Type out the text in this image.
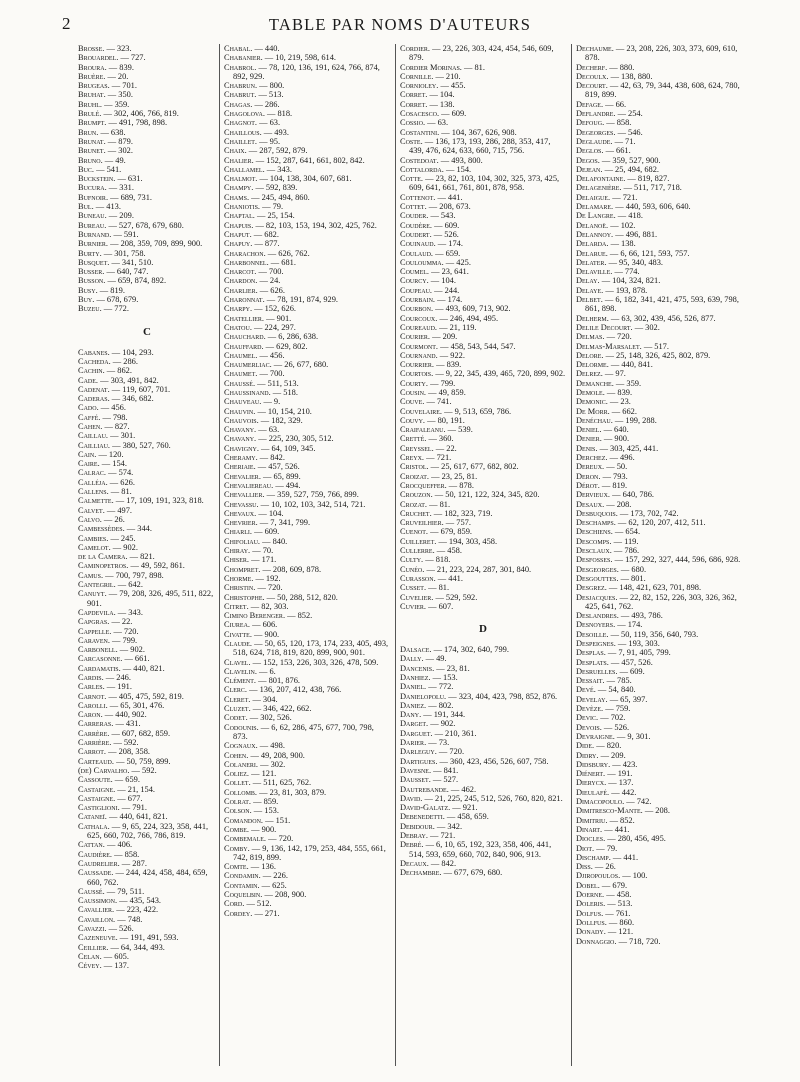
2	TABLE PAR NOMS D'AUTEURS
Brosse. — 323.
Brouardel. — 727.
Broura. — 839.
Bruère. — 20.
Brugeas. — 701.
Bruhat. — 350.
Bruhl. — 359.
Brulé. — 302, 406, 766, 819.
Brumpt. — 491, 798, 898.
Brun. — 638.
Brunat. — 879.
Brunet. — 302.
Bruno. — 49.
Buc. — 541.
Buckstein. — 631.
Bucura. — 331.
Bufnoir. — 689, 731.
Bul. — 413.
Buneau. — 209.
Bureau. — 527, 678, 679, 680.
Burnand. — 591.
Burnier. — 208, 359, 709, 899, 900.
Burty. — 301, 758.
Busquet. — 341, 510.
Busser. — 640, 747.
Busson. — 659, 874, 892.
Busy. — 819.
Buy. — 678, 679.
Buzeu. — 772.
C
Cabanes. — 104, 293.
Cacheda. — 286.
Cachin. — 862.
Cade. — 303, 491, 842.
Cadenat. — 119, 607, 701.
Caderas. — 346, 682.
Cado. — 456.
Caffé. — 798.
Cahen. — 827.
Caillau. — 301.
Cailliau. — 380, 527, 760.
Cain. — 120.
Caire. — 154.
Calrac. — 574.
Calléja. — 626.
Callens. — 81.
Calmette. — 17, 109, 191, 323, 818.
Calvet. — 497.
Calvo. — 26.
Cambessèdes. — 344.
Cambies. — 245.
Camelot. — 902.
de la Camera. — 821.
Caminopetros. — 49, 592, 861.
Camus. — 700, 797, 898.
Cantegril. — 642.
Canuyt. — 79, 208, 326, 495, 511, 822, 901.
Capdevila. — 343.
Capgras. — 22.
Cappelle. — 720.
Caraven. — 799.
Carbonell. — 902.
Carcasonne. — 661.
Cardamatis. — 440, 821.
Cardis. — 246.
Carles. — 191.
Carnot. — 405, 475, 592, 819.
Carolli. — 65, 301, 476.
Caron. — 440, 902.
Carreras. — 431.
Carrère. — 607, 682, 859.
Carrière. — 592.
Carrot. — 208, 358.
Carteaud. — 50, 759, 899.
(de) Carvalho. — 592.
Cassoute. — 659.
Castaigne. — 21, 154.
Castaigne. — 677.
Castiglioni. — 791.
Cataneï. — 440, 641, 821.
Cathala. — 9, 65, 224, 323, 358, 441, 625, 660, 702, 766, 786, 819.
Cattan. — 406.
Caudière. — 858.
Caudrelier. — 287.
Caussade. — 244, 424, 458, 484, 659, 660, 762.
Caussé. — 79, 511.
Caussimon. — 435, 543.
Cavallier. — 223, 422.
Cavaillon. — 748.
Cavazzi. — 526.
Cazeneuve. — 191, 491, 593.
Ceillier. — 64, 344, 493.
Celan. — 605.
Cévey. — 137.
Chabal. — 440.
Chabanier. — 10, 219, 598, 614.
Chabrol. — 78, 120, 136, 191, 624, 766, 874, 892, 929.
Chabrun. — 800.
Chabrut. — 513.
Chagas. — 286.
Chagolova. — 818.
Chagnot. — 63.
Chaillous. — 493.
Chaillet. — 95.
Chaix. — 287, 592, 879.
Chalier. — 152, 287, 641, 661, 802, 842.
Challamel. — 343.
Chalmot. — 104, 138, 304, 607, 681.
Champy. — 592, 839.
Chams. — 245, 494, 860.
Chaniotis. — 79.
Chaptal. — 25, 154.
Chapuis. — 82, 103, 153, 194, 302, 425, 762.
Chaput. — 682.
Chapuy. — 877.
Charachon. — 626, 762.
Charbonnel. — 681.
Charcot. — 700.
Chardon. — 24.
Charlier. — 626.
Charonnat. — 78, 191, 874, 929.
Charpy. — 152, 626.
Chatellier. — 901.
Chatou. — 224, 297.
Chauchard. — 6, 286, 638.
Chauffard. — 629, 802.
Chaumel. — 456.
Chaumerliac. — 26, 677, 680.
Chaumet. — 700.
Chaussé. — 511, 513.
Chaussinand. — 518.
Chauveau. — 9.
Chauvin. — 10, 154, 210.
Chauvois. — 182, 329.
Chavany. — 63.
Chavany. — 225, 230, 305, 512.
Chavigny. — 64, 109, 345.
Cheramy. — 842.
Cheriaie. — 457, 526.
Chevalier. — 65, 899.
Chevaliereau. — 494.
Chevallier. — 359, 527, 759, 766, 899.
Chevassu. — 10, 102, 103, 342, 514, 721.
Chevaux. — 104.
Chevrier. — 7, 341, 799.
Chiarli. — 609.
Chifoliau. — 840.
Chiray. — 70.
Chiser. — 171.
Chompret. — 208, 609, 878.
Chorme. — 192.
Christin. — 720.
Christophe. — 50, 288, 512, 820.
Citret. — 82, 303.
Cimino Berenger. — 852.
Ciurea. — 606.
Civatte. — 900.
Claude. — 50, 65, 120, 173, 174, 233, 405, 493, 518, 624, 718, 819, 820, 899, 900, 901.
Clavel. — 152, 153, 226, 303, 326, 478, 509.
Clavelin. — 6.
Clément. — 801, 876.
Clerc. — 136, 207, 412, 438, 766.
Cleret. — 304.
Cluzet. — 346, 422, 662.
Codet. — 302, 526.
Codounis. — 6, 62, 286, 475, 677, 700, 798, 873.
Cognaux. — 498.
Cohen. — 49, 208, 900.
Colaneri. — 302.
Coliez. — 121.
Collet. — 511, 625, 762.
Collomb. — 23, 81, 303, 879.
Colrat. — 859.
Colson. — 153.
Comandon. — 151.
Combe. — 900.
Combemale. — 720.
Comby. — 9, 136, 142, 179, 253, 484, 555, 661, 742, 819, 899.
Comte. — 136.
Condamin. — 226.
Contamin. — 625.
Coquelbin. — 208, 900.
Cord. — 512.
Cordey. — 271.
Cordier. — 23, 226, 303, 424, 454, 546, 609, 879.
Cordier Morinas. — 81.
Cornille. — 210.
Cornioley. — 455.
Corret. — 104.
Corret. — 138.
Cosacesco. — 609.
Cossio. — 63.
Costantini. — 104, 367, 626, 908.
Coste. — 136, 173, 193, 286, 288, 353, 417, 439, 476, 624, 633, 660, 715, 756.
Costedoat. — 493, 800.
Cottalorda. — 154.
Cotte. — 23, 82, 103, 104, 302, 325, 373, 425, 609, 641, 661, 761, 801, 878, 958.
Cottenot. — 441.
Cottet. — 208, 673.
Couder. — 543.
Coudère. — 609.
Coudert. — 526.
Couinaud. — 174.
Coulaud. — 659.
Couloumma. — 425.
Coumel. — 23, 641.
Courcy. — 104.
Coupeau. — 244.
Courbain. — 174.
Courbon. — 493, 609, 713, 902.
Courcoux. — 246, 494, 495.
Coureaud. — 21, 119.
Courier. — 209.
Courmont. — 458, 543, 544, 547.
Cournand. — 922.
Courrier. — 839.
Courtois. — 9, 22, 345, 439, 465, 720, 899, 902.
Courty. — 799.
Cousin. — 49, 859.
Couve. — 741.
Couvelaire. — 9, 513, 659, 786.
Couvy. — 80, 191.
Craifaleanu. — 539.
Cretté. — 360.
Creyssel. — 22.
Creyx. — 721.
Cristol. — 25, 617, 677, 682, 802.
Croizat. — 23, 25, 81.
Crocqueffer. — 878.
Crouzon. — 50, 121, 122, 324, 345, 820.
Crozat. — 81.
Cruchet. — 182, 323, 719.
Cruveilhier. — 757.
Cuenot. — 679, 859.
Cuilleret. — 194, 303, 458.
Cullerre. — 458.
Culty. — 818.
Cunéo. — 21, 223, 224, 287, 301, 840.
Curasson. — 441.
Cusset. — 81.
Cuvelier. — 529, 592.
Cuvier. — 607.
D
Dalsace. — 174, 302, 640, 799.
Dally. — 49.
Dancenis. — 23, 81.
Danhiez. — 153.
Daniel. — 772.
Danielopolu. — 323, 404, 423, 798, 852, 876.
Daniez. — 802.
Dany. — 191, 344.
Darget. — 902.
Darguet. — 210, 361.
Darier. — 73.
Darleguy. — 720.
Dartigues. — 360, 423, 456, 526, 607, 758.
Davesne. — 841.
Dausset. — 527.
Dautrebande. — 462.
David. — 21, 225, 245, 512, 526, 760, 820, 821.
David-Galatz. — 921.
Debenedetti. — 458, 659.
Debidour. — 342.
Debray. — 721.
Debré. — 6, 10, 65, 192, 323, 358, 406, 441, 514, 593, 659, 660, 702, 840, 906, 913.
Decaux. — 842.
Dechambre. — 677, 679, 680.
Dechaume. — 23, 208, 226, 303, 373, 609, 610, 878.
Decherf. — 880.
Decoulx. — 138, 880.
Decourt. — 42, 63, 79, 344, 438, 608, 624, 780, 819, 899.
Defage. — 66.
Deflandre. — 254.
Defoug. — 858.
Degeorges. — 546.
Deglaude. — 71.
Deglos. — 661.
Degos. — 359, 527, 900.
Dejean. — 25, 494, 682.
Delafontaine. — 819, 827.
Delagenière. — 511, 717, 718.
Delaigue. — 721.
Delamare. — 440, 593, 606, 640.
De Langre. — 418.
Delanoë. — 102.
Delannoy. — 496, 881.
Delarda. — 138.
Delarue. — 6, 66, 121, 593, 757.
Delater. — 95, 340, 483.
Delaville. — 774.
Delay. — 104, 324, 821.
Delaye. — 193, 878.
Delbet. — 6, 182, 341, 421, 475, 593, 639, 798, 861, 898.
Delherm. — 63, 302, 439, 456, 526, 877.
Delile Decourt. — 302.
Delmas. — 720.
Delmas-Marsalet. — 517.
Delore. — 25, 148, 326, 425, 802, 879.
Delorme. — 440, 841.
Delrez. — 97.
Demanche. — 359.
Demole. — 839.
Demonic. — 23.
De Morr. — 662.
Denéchau. — 199, 288.
Deniel. — 640.
Denier. — 900.
Denis. — 303, 425, 441.
Derchez. — 496.
Dereux. — 50.
Deron. — 793.
Dérot. — 819.
Dervieux. — 640, 786.
Desaux. — 208.
Desbuquois. — 173, 702, 742.
Deschamps. — 62, 120, 207, 412, 511.
Deschiens. — 654.
Descomps. — 119.
Desclaux. — 786.
Desfosses. — 157, 292, 327, 444, 596, 686, 928.
Desgeorges. — 680.
Desgouttes. — 801.
Desgrez. — 148, 421, 623, 701, 898.
Desjacques. — 22, 82, 152, 226, 303, 326, 362, 425, 641, 762.
Deslandres. — 493, 786.
Desnoyers. — 174.
Desoille. — 50, 119, 356, 640, 793.
Despeignes. — 193, 303.
Desplas. — 7, 91, 405, 799.
Desplats. — 457, 526.
Desruelles. — 609.
Dessait. — 785.
Devé. — 54, 840.
Develay. — 65, 397.
Devèze. — 759.
Devic. — 702.
Devois. — 526.
Devraigne. — 9, 301.
Dide. — 820.
Didry. — 209.
Didsbury. — 423.
Diénert. — 191.
Dierycx. — 137.
Dieulafé. — 442.
Dimacopoulo. — 742.
Dimitresco-Mante. — 208.
Dimitriu. — 852.
Dinart. — 441.
Diocles. — 280, 456, 495.
Diot. — 79.
Dischamp. — 441.
Diss. — 26.
Djiropoulos. — 100.
Dobel. — 679.
Doerne. — 458.
Doleris. — 513.
Dolfus. — 761.
Dollfus. — 860.
Donady. — 121.
Donnaggio. — 718, 720.
